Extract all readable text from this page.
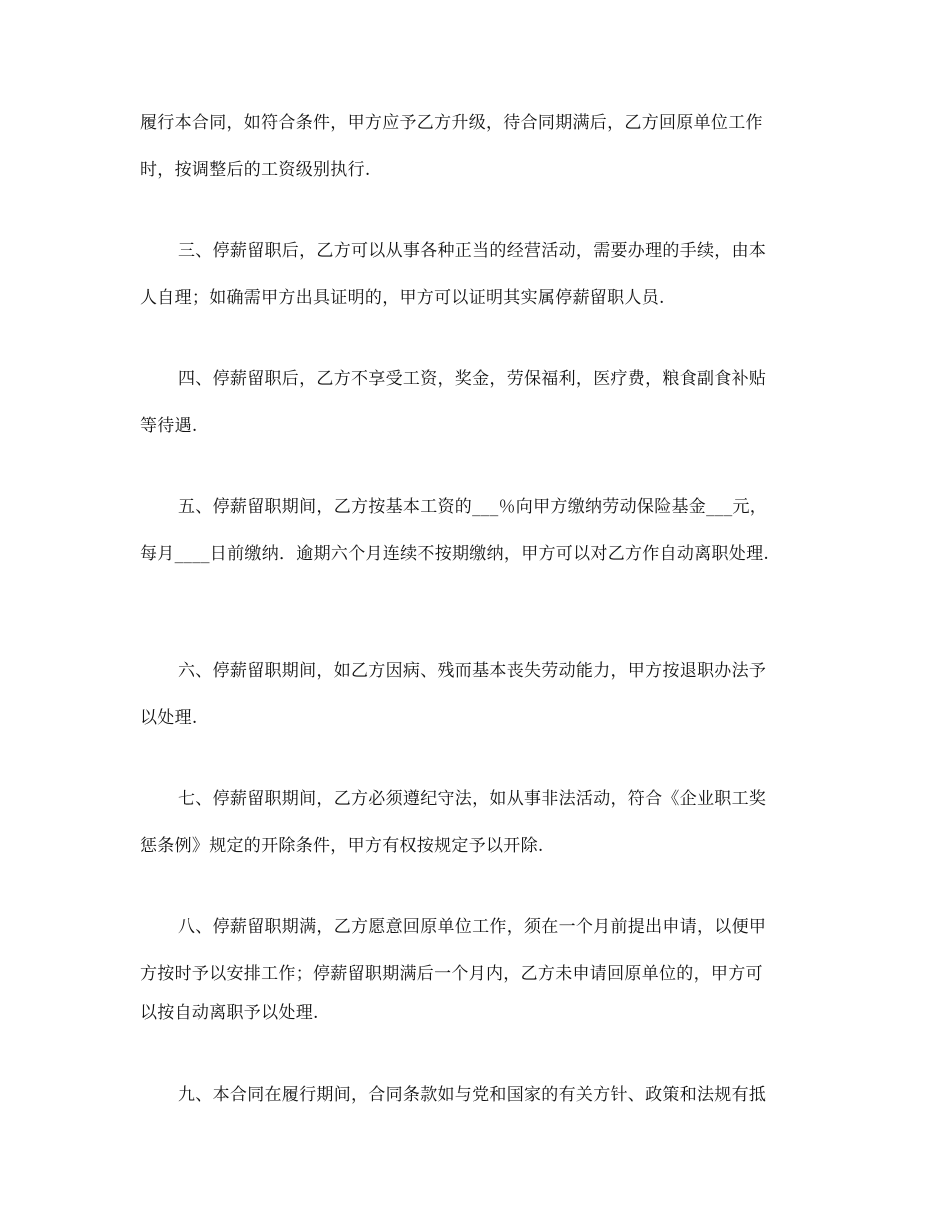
履行本合同，如符合条件，甲方应予乙方升级，待合同期满后，乙方回原单位工作
时，按调整后的工资级别执行.
三、停薪留职后，乙方可以从事各种正当的经营活动，需要办理的手续，由本
人自理；如确需甲方出具证明的，甲方可以证明其实属停薪留职人员.
四、停薪留职后，乙方不享受工资，奖金，劳保福利，医疗费，粮食副食补贴
等待遇.
五、停薪留职期间，乙方按基本工资的___％向甲方缴纳劳动保险基金___元，
每月____日前缴纳．逾期六个月连续不按期缴纳，甲方可以对乙方作自动离职处理.
六、停薪留职期间，如乙方因病、残而基本丧失劳动能力，甲方按退职办法予
以处理.
七、停薪留职期间，乙方必须遵纪守法，如从事非法活动，符合《企业职工奖
惩条例》规定的开除条件，甲方有权按规定予以开除.
八、停薪留职期满，乙方愿意回原单位工作，须在一个月前提出申请，以便甲
方按时予以安排工作；停薪留职期满后一个月内，乙方未申请回原单位的，甲方可
以按自动离职予以处理.
九、本合同在履行期间，合同条款如与党和国家的有关方针、政策和法规有抵
